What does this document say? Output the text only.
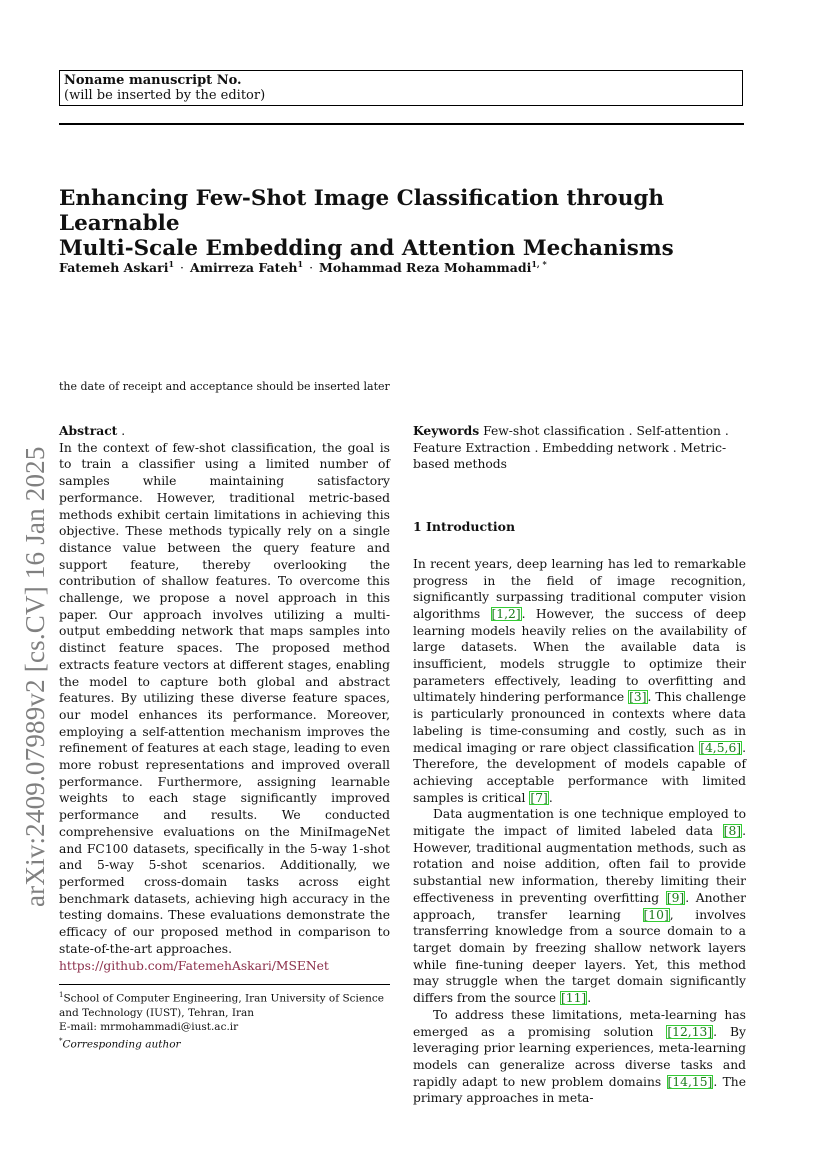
Noname manuscript No.
(will be inserted by the editor)
Enhancing Few-Shot Image Classification through Learnable
Multi-Scale Embedding and Attention Mechanisms
Fatemeh Askari$^1$ · Amirreza Fateh$^1$ · Mohammad Reza Mohammadi$^{1, *}$
arXiv:2409.07989v2 [cs.CV] 16 Jan 2025
the date of receipt and acceptance should be inserted later
Abstract .

In the context of few-shot classification, the goal is to train a classifier using a limited number of samples while maintaining satisfactory performance. However, traditional metric-based methods exhibit certain limitations in achieving this objective. These methods typically rely on a single distance value between the query feature and support feature, thereby overlooking the contribution of shallow features. To overcome this challenge, we propose a novel approach in this paper. Our approach involves utilizing a multi-output embedding network that maps samples into distinct feature spaces. The proposed method extracts feature vectors at different stages, enabling the model to capture both global and abstract features. By utilizing these diverse feature spaces, our model enhances its performance. Moreover, employing a self-attention mechanism improves the refinement of features at each stage, leading to even more robust representations and improved overall performance. Furthermore, assigning learnable weights to each stage significantly improved performance and results. We conducted comprehensive evaluations on the MiniImageNet and FC100 datasets, specifically in the 5-way 1-shot and 5-way 5-shot scenarios. Additionally, we performed cross-domain tasks across eight benchmark datasets, achieving high accuracy in the testing domains. These evaluations demonstrate the efficacy of our proposed method in comparison to state-of-the-art approaches.

https://github.com/FatemehAskari/MSENet
Keywords Few-shot classification . Self-attention . Feature Extraction . Embedding network . Metric-based methods
1 Introduction

In recent years, deep learning has led to remarkable progress in the field of image recognition, significantly surpassing traditional computer vision algorithms [1,2]. However, the success of deep learning models heavily relies on the availability of large datasets. When the available data is insufficient, models struggle to optimize their parameters effectively, leading to overfitting and ultimately hindering performance [3]. This challenge is particularly pronounced in contexts where data labeling is time-consuming and costly, such as in medical imaging or rare object classification [4,5,6]. Therefore, the development of models capable of achieving acceptable performance with limited samples is critical [7].

Data augmentation is one technique employed to mitigate the impact of limited labeled data [8]. However, traditional augmentation methods, such as rotation and noise addition, often fail to provide substantial new information, thereby limiting their effectiveness in preventing overfitting [9]. Another approach, transfer learning [10], involves transferring knowledge from a source domain to a target domain by freezing shallow network layers while fine-tuning deeper layers. Yet, this method may struggle when the target domain significantly differs from the source [11].

To address these limitations, meta-learning has emerged as a promising solution [12,13]. By leveraging prior learning experiences, meta-learning models can generalize across diverse tasks and rapidly adapt to new problem domains [14,15]. The primary approaches in meta-

$^1$School of Computer Engineering, Iran University of Science and Technology (IUST), Tehran, Iran
E-mail: mrmohammadi@iust.ac.ir
*Corresponding author
